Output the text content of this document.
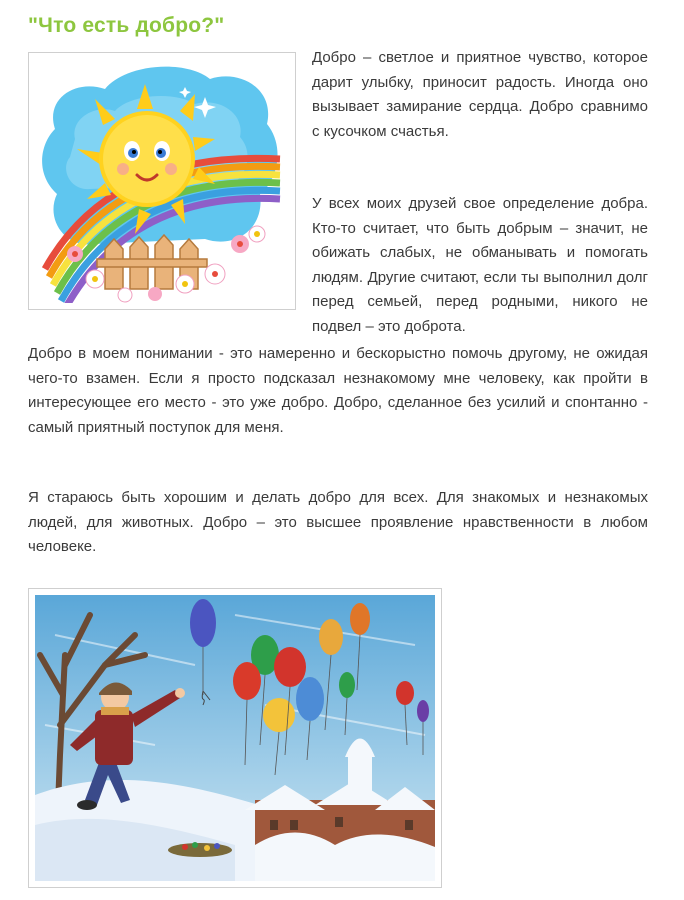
"Что есть добро?"

Добро – светлое и приятное чувство, которое дарит улыбку, приносит радость. Иногда оно вызывает замирание сердца. Добро сравнимо с кусочком счастья.

У всех моих друзей свое определение добра. Кто-то считает, что быть добрым – значит, не обижать слабых, не обманывать и помогать людям. Другие считают, если ты выполнил долг перед семьей, перед родными, никого не подвел – это доброта.

Добро в моем понимании - это намеренно и бескорыстно помочь другому, не ожидая чего-то взамен. Если я просто подсказал незнакомому мне человеку, как пройти в интересующее его место - это уже добро. Добро, сделанное без усилий и спонтанно - самый приятный поступок для меня.

Я стараюсь быть хорошим и делать добро для всех. Для знакомых и незнакомых людей, для животных. Добро – это высшее проявление нравственности в любом человеке.
